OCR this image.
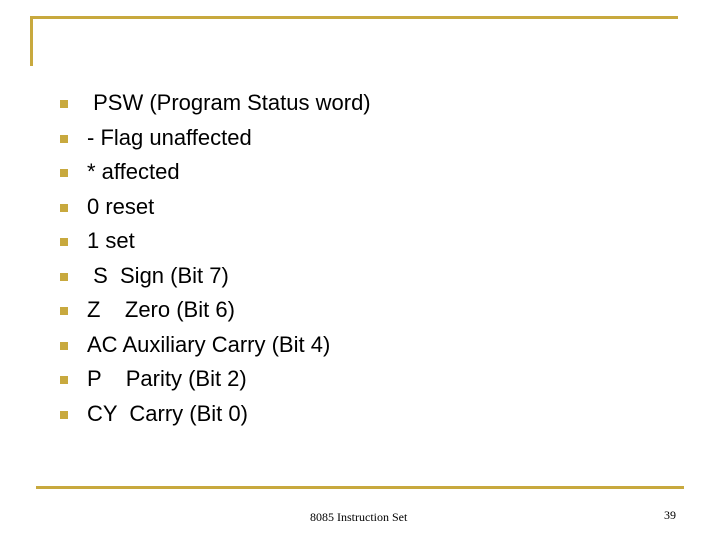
PSW (Program Status word)

- Flag unaffected

* affected

0 reset

1 set

S  Sign (Bit 7)

Z    Zero (Bit 6)

AC Auxiliary Carry (Bit 4)

P    Parity (Bit 2)

CY  Carry (Bit 0)

8085 Instruction Set	39
